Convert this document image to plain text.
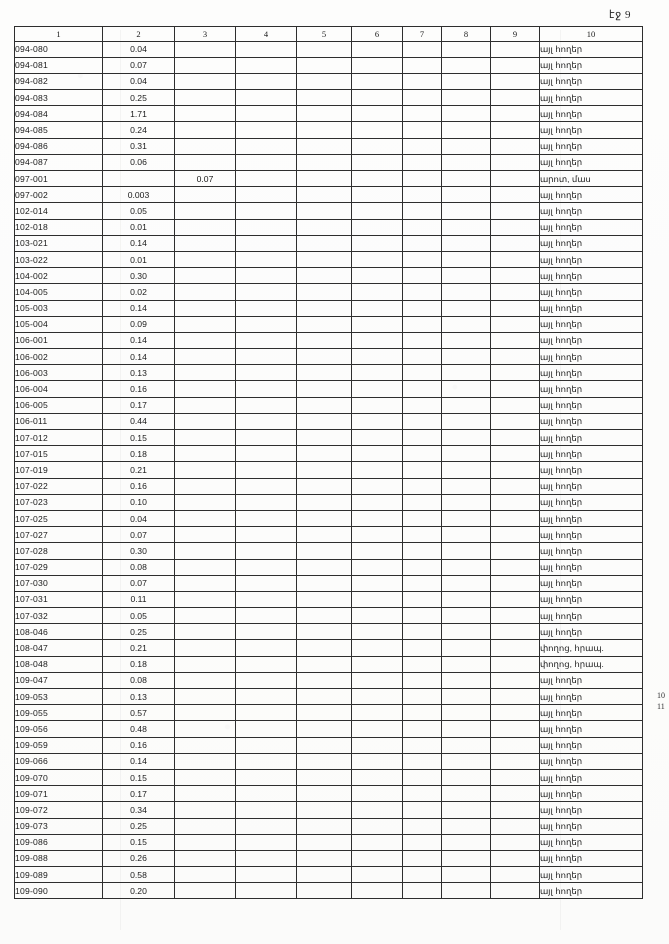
էջ 9
1	2	3	4	5	6	7	8	9	10
094-080	0.04								այլ հողեր
094-081	0.07								այլ հողեր
094-082	0.04								այլ հողեր
094-083	0.25								այլ հողեր
094-084	1.71								այլ հողեր
094-085	0.24								այլ հողեր
094-086	0.31								այլ հողեր
094-087	0.06								այլ հողեր
097-001		0.07							արոտ, մաս
097-002	0.003								այլ հողեր
102-014	0.05								այլ հողեր
102-018	0.01								այլ հողեր
103-021	0.14								այլ հողեր
103-022	0.01								այլ հողեր
104-002	0.30								այլ հողեր
104-005	0.02								այլ հողեր
105-003	0.14								այլ հողեր
105-004	0.09								այլ հողեր
106-001	0.14								այլ հողեր
106-002	0.14								այլ հողեր
106-003	0.13								այլ հողեր
106-004	0.16								այլ հողեր
106-005	0.17								այլ հողեր
106-011	0.44								այլ հողեր
107-012	0.15								այլ հողեր
107-015	0.18								այլ հողեր
107-019	0.21								այլ հողեր
107-022	0.16								այլ հողեր
107-023	0.10								այլ հողեր
107-025	0.04								այլ հողեր
107-027	0.07								այլ հողեր
107-028	0.30								այլ հողեր
107-029	0.08								այլ հողեր
107-030	0.07								այլ հողեր
107-031	0.11								այլ հողեր
107-032	0.05								այլ հողեր
108-046	0.25								այլ հողեր
108-047	0.21								փողոց, հրապ.
108-048	0.18								փողոց, հրապ.
109-047	0.08								այլ հողեր
109-053	0.13								այլ հողեր
109-055	0.57								այլ հողեր
109-056	0.48								այլ հողեր
109-059	0.16								այլ հողեր
109-066	0.14								այլ հողեր
109-070	0.15								այլ հողեր
109-071	0.17								այլ հողեր
109-072	0.34								այլ հողեր
109-073	0.25								այլ հողեր
109-086	0.15								այլ հողեր
109-088	0.26								այլ հողեր
109-089	0.58								այլ հողեր
109-090	0.20								այլ հողեր
10
11
